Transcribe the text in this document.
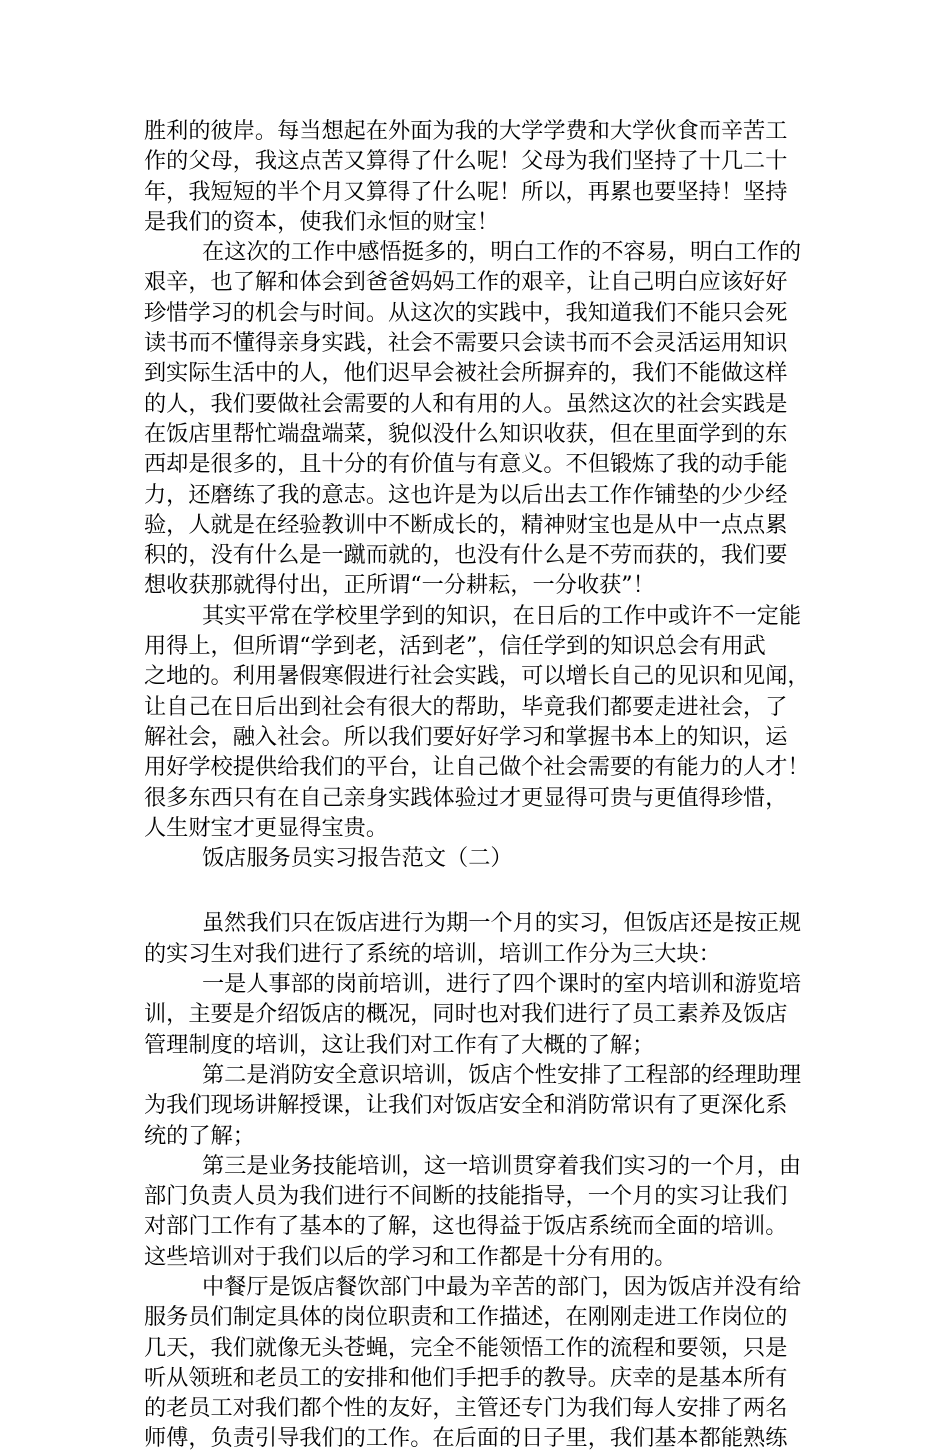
胜利的彼岸。每当想起在外面为我的大学学费和大学伙食而辛苦工
作的父母，我这点苦又算得了什么呢！父母为我们坚持了十几二十
年，我短短的半个月又算得了什么呢！所以，再累也要坚持！坚持
是我们的资本，使我们永恒的财宝！
在这次的工作中感悟挺多的，明白工作的不容易，明白工作的
艰辛，也了解和体会到爸爸妈妈工作的艰辛，让自己明白应该好好
珍惜学习的机会与时间。从这次的实践中，我知道我们不能只会死
读书而不懂得亲身实践，社会不需要只会读书而不会灵活运用知识
到实际生活中的人，他们迟早会被社会所摒弃的，我们不能做这样
的人，我们要做社会需要的人和有用的人。虽然这次的社会实践是
在饭店里帮忙端盘端菜，貌似没什么知识收获，但在里面学到的东
西却是很多的，且十分的有价值与有意义。不但锻炼了我的动手能
力，还磨练了我的意志。这也许是为以后出去工作作铺垫的少少经
验，人就是在经验教训中不断成长的，精神财宝也是从中一点点累
积的，没有什么是一蹴而就的，也没有什么是不劳而获的，我们要
想收获那就得付出，正所谓“一分耕耘，一分收获”！
其实平常在学校里学到的知识，在日后的工作中或许不一定能
用得上，但所谓“学到老，活到老”，信任学到的知识总会有用武
之地的。利用暑假寒假进行社会实践，可以增长自己的见识和见闻，
让自己在日后出到社会有很大的帮助，毕竟我们都要走进社会，了
解社会，融入社会。所以我们要好好学习和掌握书本上的知识，运
用好学校提供给我们的平台，让自己做个社会需要的有能力的人才！
很多东西只有在自己亲身实践体验过才更显得可贵与更值得珍惜，
人生财宝才更显得宝贵。
饭店服务员实习报告范文（二）
虽然我们只在饭店进行为期一个月的实习，但饭店还是按正规
的实习生对我们进行了系统的培训，培训工作分为三大块：
一是人事部的岗前培训，进行了四个课时的室内培训和游览培
训，主要是介绍饭店的概况，同时也对我们进行了员工素养及饭店
管理制度的培训，这让我们对工作有了大概的了解；
第二是消防安全意识培训，饭店个性安排了工程部的经理助理
为我们现场讲解授课，让我们对饭店安全和消防常识有了更深化系
统的了解；
第三是业务技能培训，这一培训贯穿着我们实习的一个月，由
部门负责人员为我们进行不间断的技能指导，一个月的实习让我们
对部门工作有了基本的了解，这也得益于饭店系统而全面的培训。
这些培训对于我们以后的学习和工作都是十分有用的。
中餐厅是饭店餐饮部门中最为辛苦的部门，因为饭店并没有给
服务员们制定具体的岗位职责和工作描述，在刚刚走进工作岗位的
几天，我们就像无头苍蝇，完全不能领悟工作的流程和要领，只是
听从领班和老员工的安排和他们手把手的教导。庆幸的是基本所有
的老员工对我们都个性的友好，主管还专门为我们每人安排了两名
师傅，负责引导我们的工作。在后面的日子里，我们基本都能熟练
